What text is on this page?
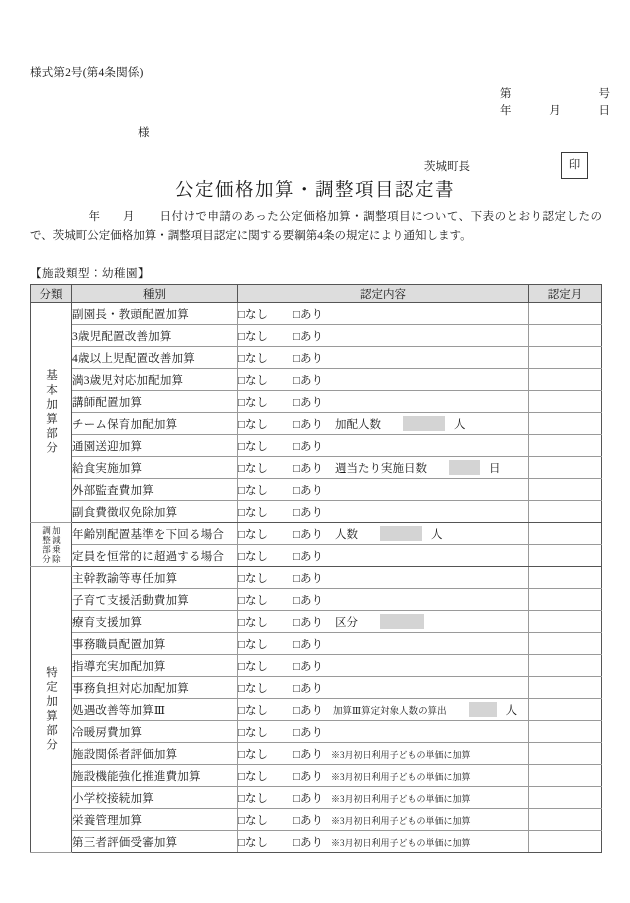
様式第2号(第4条関係)
第	号
年	月	日
様
茨城町長	印
公定価格加算・調整項目認定書
年 月 日付けで申請のあった公定価格加算・調整項目について、下表のとおり認定したので、茨城町公定価格加算・調整項目認定に関する要綱第4条の規定により通知します。
【施設類型：幼稚園】
分類	種別	認定内容	認定月

基本加算部分	副園長・教頭配置加算	□なし □あり	
	3歳児配置改善加算	□なし □あり	
	4歳以上児配置改善加算	□なし □あり	
	満3歳児対応加配加算	□なし □あり	
	講師配置加算	□なし □あり	
	チーム保育加配加算	□なし □あり 加配人数 人	
	通園送迎加算	□なし □あり	
	給食実施加算	□なし □あり 週当たり実施日数 日	
	外部監査費加算	□なし □あり	
	副食費徴収免除加算	□なし □あり	

加減乗除
調整部分	年齢別配置基準を下回る場合	□なし □あり 人数 人	
	定員を恒常的に超過する場合	□なし □あり	

特定加算部分	主幹教諭等専任加算	□なし □あり	
	子育て支援活動費加算	□なし □あり	
	療育支援加算	□なし □あり 区分	
	事務職員配置加算	□なし □あり	
	指導充実加配加算	□なし □あり	
	事務負担対応加配加算	□なし □あり	
	処遇改善等加算Ⅲ	□なし □あり 加算Ⅲ算定対象人数の算出 人	
	冷暖房費加算	□なし □あり	
	施設関係者評価加算	□なし □あり ※3月初日利用子どもの単価に加算	
	施設機能強化推進費加算	□なし □あり ※3月初日利用子どもの単価に加算	
	小学校接続加算	□なし □あり ※3月初日利用子どもの単価に加算	
	栄養管理加算	□なし □あり ※3月初日利用子どもの単価に加算	
	第三者評価受審加算	□なし □あり ※3月初日利用子どもの単価に加算	
